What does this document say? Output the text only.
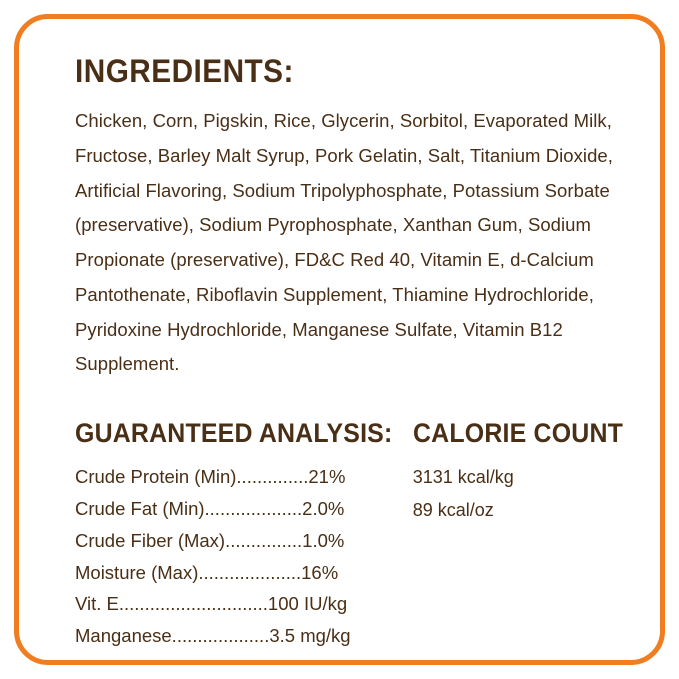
INGREDIENTS:
Chicken, Corn, Pigskin, Rice, Glycerin, Sorbitol, Evaporated Milk, Fructose, Barley Malt Syrup, Pork Gelatin, Salt, Titanium Dioxide, Artificial Flavoring, Sodium Tripolyphosphate, Potassium Sorbate (preservative), Sodium Pyrophosphate, Xanthan Gum, Sodium Propionate (preservative), FD&C Red 40, Vitamin E, d-Calcium Pantothenate, Riboflavin Supplement, Thiamine Hydrochloride, Pyridoxine Hydrochloride, Manganese Sulfate, Vitamin B12 Supplement.
GUARANTEED ANALYSIS:
Crude Protein (Min)..............21%
Crude Fat (Min)...................2.0%
Crude Fiber (Max)...............1.0%
Moisture (Max)....................16%
Vit. E.............................100 IU/kg
Manganese...................3.5 mg/kg
CALORIE COUNT
3131 kcal/kg
89 kcal/oz
